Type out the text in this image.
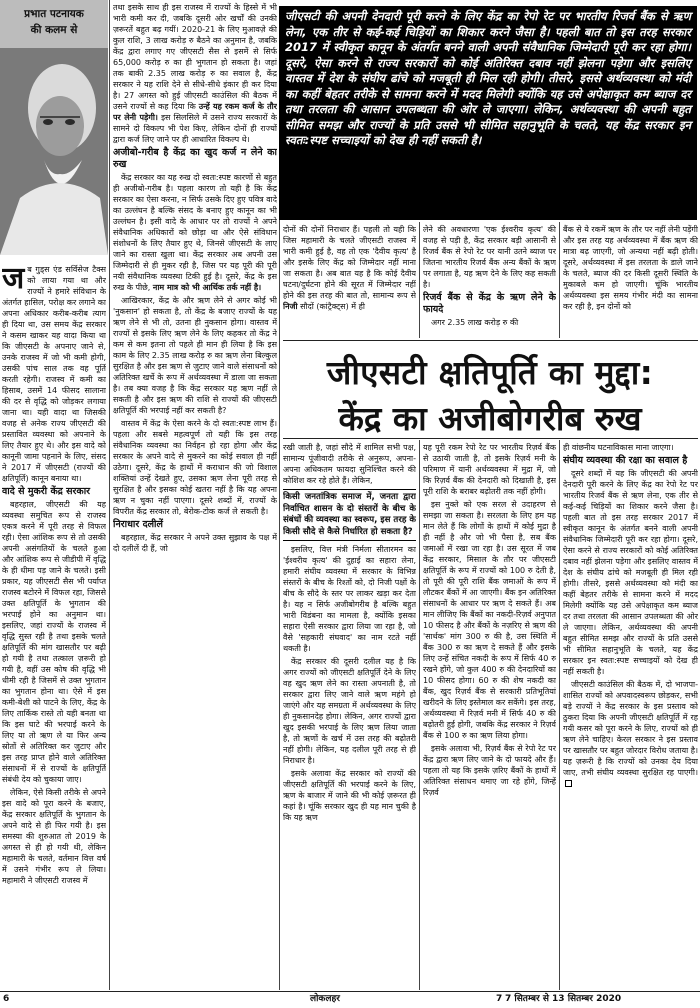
प्रभात पटनायक
की कलम से

जब गुड्स एंड सर्विसेज टैक्स को लाया गया था और राज्यों ने हमारे संविधान के अंतर्गत हासिल, परोक्ष कर लगाने का अपना अधिकार करीब-करीब त्याग ही दिया था, उस समय केंद्र सरकार ने कसम खाकर यह वादा किया था कि जीएसटी के अपनाए जाने से, उनके राजस्व में जो भी कमी होगी, उसकी पांच साल तक वह पूर्ति करती रहेगी। राजस्व में कमी का हिसाब, उसमें 14 फीसद सालाना की दर से वृद्धि को जोड़कर लगाया जाना था। यही वादा था जिसकी वजह से अनेक राज्य जीएसटी की प्रस्तावित व्यवस्था को अपनाने के लिए तैयार हुए थे। और इस वादे को कानूनी जामा पहनाने के लिए, संसद ने 2017 में जीएसटी (राज्यों की क्षतिपूर्ति) कानून बनाया था।

वादे से मुकरी केंद्र सरकार

बहरहाल, जीएसटी की यह व्यवस्था समुचित रूप से राजस्व एकत्र करने में पूरी तरह से विफल रही। ऐसा आंशिक रूप से तो उसकी अपनी असंगतियों के चलते हुआ और आंशिक रूप से जीडीपी में वृद्धि के ही धीमा पड़ जाने के चलते। इसी प्रकार, यह जीएसटी सैस भी पर्याप्त राजस्व बटोरने में विफल रहा, जिससे उक्त क्षतिपूर्ति के भुगतान की भरपाई होने का अनुमान था। इसलिए, जहां राज्यों के राजस्व में वृद्धि सुस्त रही है तथा इसके चलते क्षतिपूर्ति की मांग खासतौर पर बढ़ी हो गयी है तथा तत्काल ज़रूरी हो गयी है, वहीं उस कोष की वृद्धि भी धीमी रही है जिसमें से उक्त भुगतान का भुगतान होना था। ऐसे में इस कमी-बेशी को पाटने के लिए, केंद्र के लिए तार्किक रास्ते तो यही बनता था कि इस घाटे की भरपाई करने के लिए या तो ऋण ले या फिर अन्य स्रोतों से अतिरिक्त कर जुटाए और इस तरह प्राप्त होने वाले अतिरिक्त संसाधनों में से राज्यों के क्षतिपूर्ति संबंधी देय को चुकाया जाए।

लेकिन, ऐसे किसी तरीके से अपने इस वादे को पूरा करने के बजाए, केंद्र सरकार क्षतिपूर्ति के भुगतान के अपने वादे से ही फिर गयी है। इस समस्या की शुरुआत तो 2019 के अगस्त से ही हो गयी थी, लेकिन महामारी के चलते, वर्तमान वित्त वर्ष में उसने गंभीर रूप ले लिया। महामारी ने जीएसटी राजस्व में

तथा इसके साथ ही इस राजस्व में राज्यों के हिस्से में भी भारी कमी कर दी, जबकि दूसरी ओर खर्चों की उनकी ज़रूरतें बहुत बढ़ गयीं। 2020-21 के लिए मुआवज़े की कुल राशि, 3 लाख करोड़ रु बैठने का अनुमान है, जबकि केंद्र द्वारा लगाए गए जीएसटी सैस से इसमें से सिर्फ 65,000 करोड़ रु का ही भुगतान हो सकता है। जहां तक बाकी 2.35 लाख करोड़ रु का सवाल है, केंद्र सरकार ने यह राशि देने से सीधे-सीधे इंकार ही कर दिया है। 27 अगस्त को हुई जीएसटी काउंसिल की बैठक में उसने राज्यों से कह दिया कि उन्हें यह रकम कर्ज के तौर पर लेनी पड़ेगी। इस सिलसिले में उसने राज्य सरकारों के सामने दो विकल्प भी पेश किए, लेकिन दोनों ही राज्यों द्वारा कर्ज लिए जाने पर ही आधारित विकल्प थे।

अजीबो-गरीब है केंद्र का खुद कर्ज न लेने का रुख

केंद्र सरकार का यह रुख दो स्वतः:स्पष्ट कारणों से बहुत ही अजीबो-गरीब है। पहला कारण तो यही है कि केंद्र सरकार का ऐसा करना, न सिर्फ उसके दिए हुए पवित्र वादे का उल्लंघन है बल्कि संसद के बनाए हुए कानून का भी उल्लंघन है। इसी वादे के आधार पर तो राज्यों ने अपने संवैधानिक अधिकारों को छोड़ा था और ऐसे संविधान संशोधनों के लिए तैयार हुए थे, जिनसे जीएसटी के लाए जाने का रास्ता खुला था। केंद्र सरकार अब अपनी उस जिम्मेदारी से ही मुकर रही है, जिस पर यह पूरी की पूरी नयी संवैधानिक व्यवस्था टिकी हुई है। दूसरे, केंद्र के इस रुख के पीछे, नाम मात्र को भी आर्थिक तर्क नहीं है।

आखिरकार, केंद्र के और ऋण लेने से अगर कोई भी 'नुकसान' हो सकता है, तो केंद्र के बजाए राज्यों के यह ऋण लेने से भी तो, उतना ही नुकसान होगा। वास्तव में राज्यों से इसके लिए ऋण लेने के लिए कहकर तो केंद्र ने कम से कम इतना तो पहले ही मान ही लिया है कि इस काम के लिए 2.35 लाख करोड़ रु का ऋण लेना बिल्कुल सुरक्षित है और इस ऋण से जुटाए जाने वाले संसाधनों को अतिरिक्त खर्चे के रूप में अर्थव्यवस्था में डाला जा सकता है। तब क्या वजह है कि केंद्र सरकार यह ऋण नहीं ले सकती है और इस ऋण की राशि से राज्यों की जीएसटी क्षतिपूर्ति की भरपाई नहीं कर सकती है?

वास्तव में केंद्र के ऐसा करने के दो स्वतः:स्पष्ट लाभ हैं। पहला और सबसे महत्वपूर्ण तो यही कि इस तरह संवैधानिक व्यवस्था का निर्वहन हो रहा होगा और केंद्र सरकार के अपने वादे से मुकरने का कोई सवाल ही नहीं उठेगा। दूसरे, केंद्र के हाथों में कराधान की जो विशाल शक्तियां उन्हें देखते हुए, उसका ऋण लेना पूरी तरह से सुरक्षित है और इसका कोई खतरा नहीं है कि यह अपना ऋण न चुका नहीं पाएगा। दूसरे शब्दों में, राज्यों के विपरीत केंद्र सरकार तो, बेरोक-टोक कर्ज ले सकती है।

निराधार दलीलें

बहरहाल, केंद्र सरकार ने अपने उक्त सुझाव के पक्ष में दो दलीलें दी हैं, जो

जीएसटी की अपनी देनदारी पूरी करने के लिए केंद्र का रेपो रेट पर भारतीय रिजर्व बैंक से ऋण लेना, एक तीर से कई-कई चिड़ियों का शिकार करने जैसा है। पहली बात तो इस तरह सरकार 2017 में स्वीकृत कानून के अंतर्गत बनने वाली अपनी संवैधानिक जिम्मेदारी पूरी कर रहा होगा। दूसरे, ऐसा करने से राज्य सरकारों को कोई अतिरिक्त दबाव नहीं झेलना पड़ेगा और इसलिए वास्तव में देश के संघीय ढांचे को मजबूती ही मिल रही होगी। तीसरे, इससे अर्थव्यवस्था को मंदी का कहीं बेहतर तरीके से सामना करने में मदद मिलेगी क्योंकि यह उसे अपेक्षाकृत कम ब्याज दर तथा तरलता की आसान उपलब्धता की ओर ले जाएगा। लेकिन, अर्थव्यवस्था की अपनी बहुत सीमित समझ और राज्यों के प्रति उससे भी सीमित सहानुभूति के चलते, यह केंद्र सरकार इन स्वतः:स्पष्ट सच्चाइयों को देख ही नहीं सकती है।

दोनों की दोनों निराधार हैं। पहली तो यही कि जिस महामारी के चलते जीएसटी राजस्व में भारी कमी हुई है, वह तो एक 'दैवीय कृत्य' है और इसके लिए केंद्र को जिम्मेदार नहीं माना जा सकता है। अब बात यह है कि कोई दैवीय घटना/दुर्घटना होने की सूरत में जिम्मेदार नहीं होने की इस तरह की बात तो, सामान्य रूप से निजी सौदों (कांट्रैक्ट्स) में ही

लेने की अवधारणा 'एक ईश्वरीय कृत्य' की वजह से पड़ी है, केंद्र सरकार बड़ी आसानी से रिजर्व बैंक से रेपो रेट पर यानी उतने ब्याज पर जितना भारतीय रिजर्व बैंक अन्य बैंकों के ऋण पर लगाता है, यह ऋण देने के लिए कह सकती है।

रिजर्व बैंक से केंद्र के ऋण लेने के फायदे

अगर 2.35 लाख करोड़ रु की

बैंक से ये रकमें ऋण के तौर पर नहीं लेनी पड़ेंगी और इस तरह यह अर्थव्यवस्था में बैंक ऋण की मात्रा बढ़ जाएगी, जो अन्यथा नहीं बढ़ी होती। दूसरे, अर्थव्यवस्था में इस तरलता के डाले जाने के चलते, ब्याज की दर किसी दूसरी स्थिति के मुकाबले कम हो जाएगी। चूंकि भारतीय अर्थव्यवस्था इस समय गंभीर मंदी का सामना कर रही है, इन दोनों को

जीएसटी क्षतिपूर्ति का मुद्दा:
केंद्र का अजीबोगरीब रुख

रखी जाती है, जहां सौदे में शामिल सभी पक्ष, सामान्य पूंजीवादी तरीके से अनुरूप, अपना-अपना अधिकतम फायदा सुनिश्चित करने की कोशिश कर रहे होते हैं। लेकिन,

किसी जनतांत्रिक समाज में, जनता द्वारा निर्वाचित शासन के दो संस्तरों के बीच के संबंधों की व्यवस्था का स्वरूप, इस तरह के किसी सौदे से कैसे निर्धारित हो सकता है?

इसलिए, वित्त मंत्री निर्मला सीतारमन का 'ईश्वरीय कृत्य' की दुहाई का सहारा लेना, हमारी संघीय व्यवस्था में सरकार के विभिन्न संस्तरों के बीच के रिश्तों को, दो निजी पक्षों के बीच के सौदे के स्तर पर लाकर खड़ा कर देता है। यह न सिर्फ अजीबोगरीब है बल्कि बहुत भारी विडंबना का मामला है, क्योंकि इसका सहारा ऐसी सरकार द्वारा लिया जा रहा है, जो वैसे 'सहकारी संघवाद' का नाम रटते नहीं थकती है।

केंद्र सरकार की दूसरी दलील यह है कि अगर राज्यों को जीएसटी क्षतिपूर्ति देने के लिए वह खुद ऋण लेने का रास्ता अपनाती है, तो सरकार द्वारा लिए जाने वाले ऋण महंगे हो जाएंगे और यह समग्रता में अर्थव्यवस्था के लिए ही नुकसानदेह होगा। लेकिन, अगर राज्यों द्वारा खुद इसकी भरपाई के लिए ऋण लिया जाता है, तो ऋणों के खर्च में उस तरह की बढ़ोतरी नहीं होगी। लेकिन, यह दलील पूरी तरह से ही निराधार है।

इसके अलावा केंद्र सरकार को राज्यों की जीएसटी क्षतिपूर्ति की भरपाई करने के लिए, ऋण के बाजार में जाने की भी कोई ज़रूरत ही कहां है। चूंकि सरकार खुद ही यह मान चुकी है कि यह ऋण

यह पूरी रकम रेपो रेट पर भारतीय रिज़र्व बैंक से उठायी जाती है, तो इसके रिज़र्व मनी के परिमाण में यानी अर्थव्यवस्था में मुद्रा में, जो कि रिज़र्व बैंक की देनदारी को दिखाती है, इस पूरी राशि के बराबर बढ़ोतरी तक नहीं होगी।

इस नुक्ते को एक सरल से उदाहरण से समझा जा सकता है। सरलता के लिए हम यह मान लेते हैं कि लोगों के हाथों में कोई मुद्रा है ही नहीं है और जो भी पैसा है, सब बैंक जमाओं में रखा जा रहा है। उस सूरत में जब केंद्र सरकार, मिसाल के तौर पर जीएसटी क्षतिपूर्ति के रूप में राज्यों को 100 रु देती है, तो पूरी की पूरी राशि बैंक जमाओं के रूप में लौटकर बैंकों में आ जाएगी। बैंक इन अतिरिक्त संसाधनों के आधार पर ऋण दे सकते हैं। अब मान लीजिए कि बैंकों का नकदी-रिज़र्व अनुपात 10 फीसद है और बैंकों के नज़रिए से ऋण की 'सार्थक' मांग 300 रु की है, उस स्थिति में बैंक 300 रु का ऋण दे सकते हैं और इसके लिए उन्हें संचित नकदी के रूप में सिर्फ 40 रु रखने होंगे, जो कुल 400 रु की देनदारियों का 10 फीसद होगा। 60 रु की शेष नकदी का बैंक, खुद रिज़र्व बैंक से सरकारी प्रतिभूतियां खरीदने के लिए इस्तेमाल कर सकेंगे। इस तरह, अर्थव्यवस्था में रिज़र्व मनी में सिर्फ 40 रु की बढ़ोतरी हुई होगी, जबकि केंद्र सरकार ने रिज़र्व बैंक से 100 रु का ऋण लिया होगा।

इसके अलावा भी, रिज़र्व बैंक से रेपो रेट पर केंद्र द्वारा ऋण लिए जाने के दो फायदे और हैं। पहला तो यह कि इसके ज़रिए बैंकों के हाथों में अतिरिक्त संसाधन थमाए जा रहे होंगे, जिन्हें रिज़र्व

ही वांछनीय घटनाविकास माना जाएगा।

संघीय व्यवस्था की रक्षा का सवाल है

दूसरे शब्दों में यह कि जीएसटी की अपनी देनदारी पूरी करने के लिए केंद्र का रेपो रेट पर भारतीय रिजर्व बैंक से ऋण लेना, एक तीर से कई-कई चिड़ियों का शिकार करने जैसा है। पहली बात तो इस तरह सरकार 2017 में स्वीकृत कानून के अंतर्गत बनने वाली अपनी संवैधानिक जिम्मेदारी पूरी कर रहा होगा। दूसरे, ऐसा करने से राज्य सरकारों को कोई अतिरिक्त दबाव नहीं झेलना पड़ेगा और इसलिए वास्तव में देश के संघीय ढांचे को मजबूती ही मिल रही होगी। तीसरे, इससे अर्थव्यवस्था को मंदी का कहीं बेहतर तरीके से सामना करने में मदद मिलेगी क्योंकि यह उसे अपेक्षाकृत कम ब्याज दर तथा तरलता की आसान उपलब्धता की ओर ले जाएगा। लेकिन, अर्थव्यवस्था की अपनी बहुत सीमित समझ और राज्यों के प्रति उससे भी सीमित सहानुभूति के चलते, यह केंद्र सरकार इन स्वतः:स्पष्ट सच्चाइयों को देख ही नहीं सकती है।

जीएसटी काउंसिल की बैठक में, दो भाजपा-शासित राज्यों को अपवादस्वरूप छोड़कर, सभी बड़े राज्यों ने केंद्र सरकार के इस प्रस्ताव को ठुकरा दिया कि अपनी जीएसटी क्षतिपूर्ति में रह गयी कसर को पूरा करने के लिए, राज्यों को ही ऋण लेने चाहिए। केरल सरकार ने इस प्रस्ताव पर खासतौर पर बहुत जोरदार विरोध जताया है। यह ज़रूरी है कि राज्यों को उनका देय दिया जाए, तभी संघीय व्यवस्था सुरक्षित रह पाएगी।

6	लोकलहर	7 सितम्बर से 13 सितम्बर 2020
7
